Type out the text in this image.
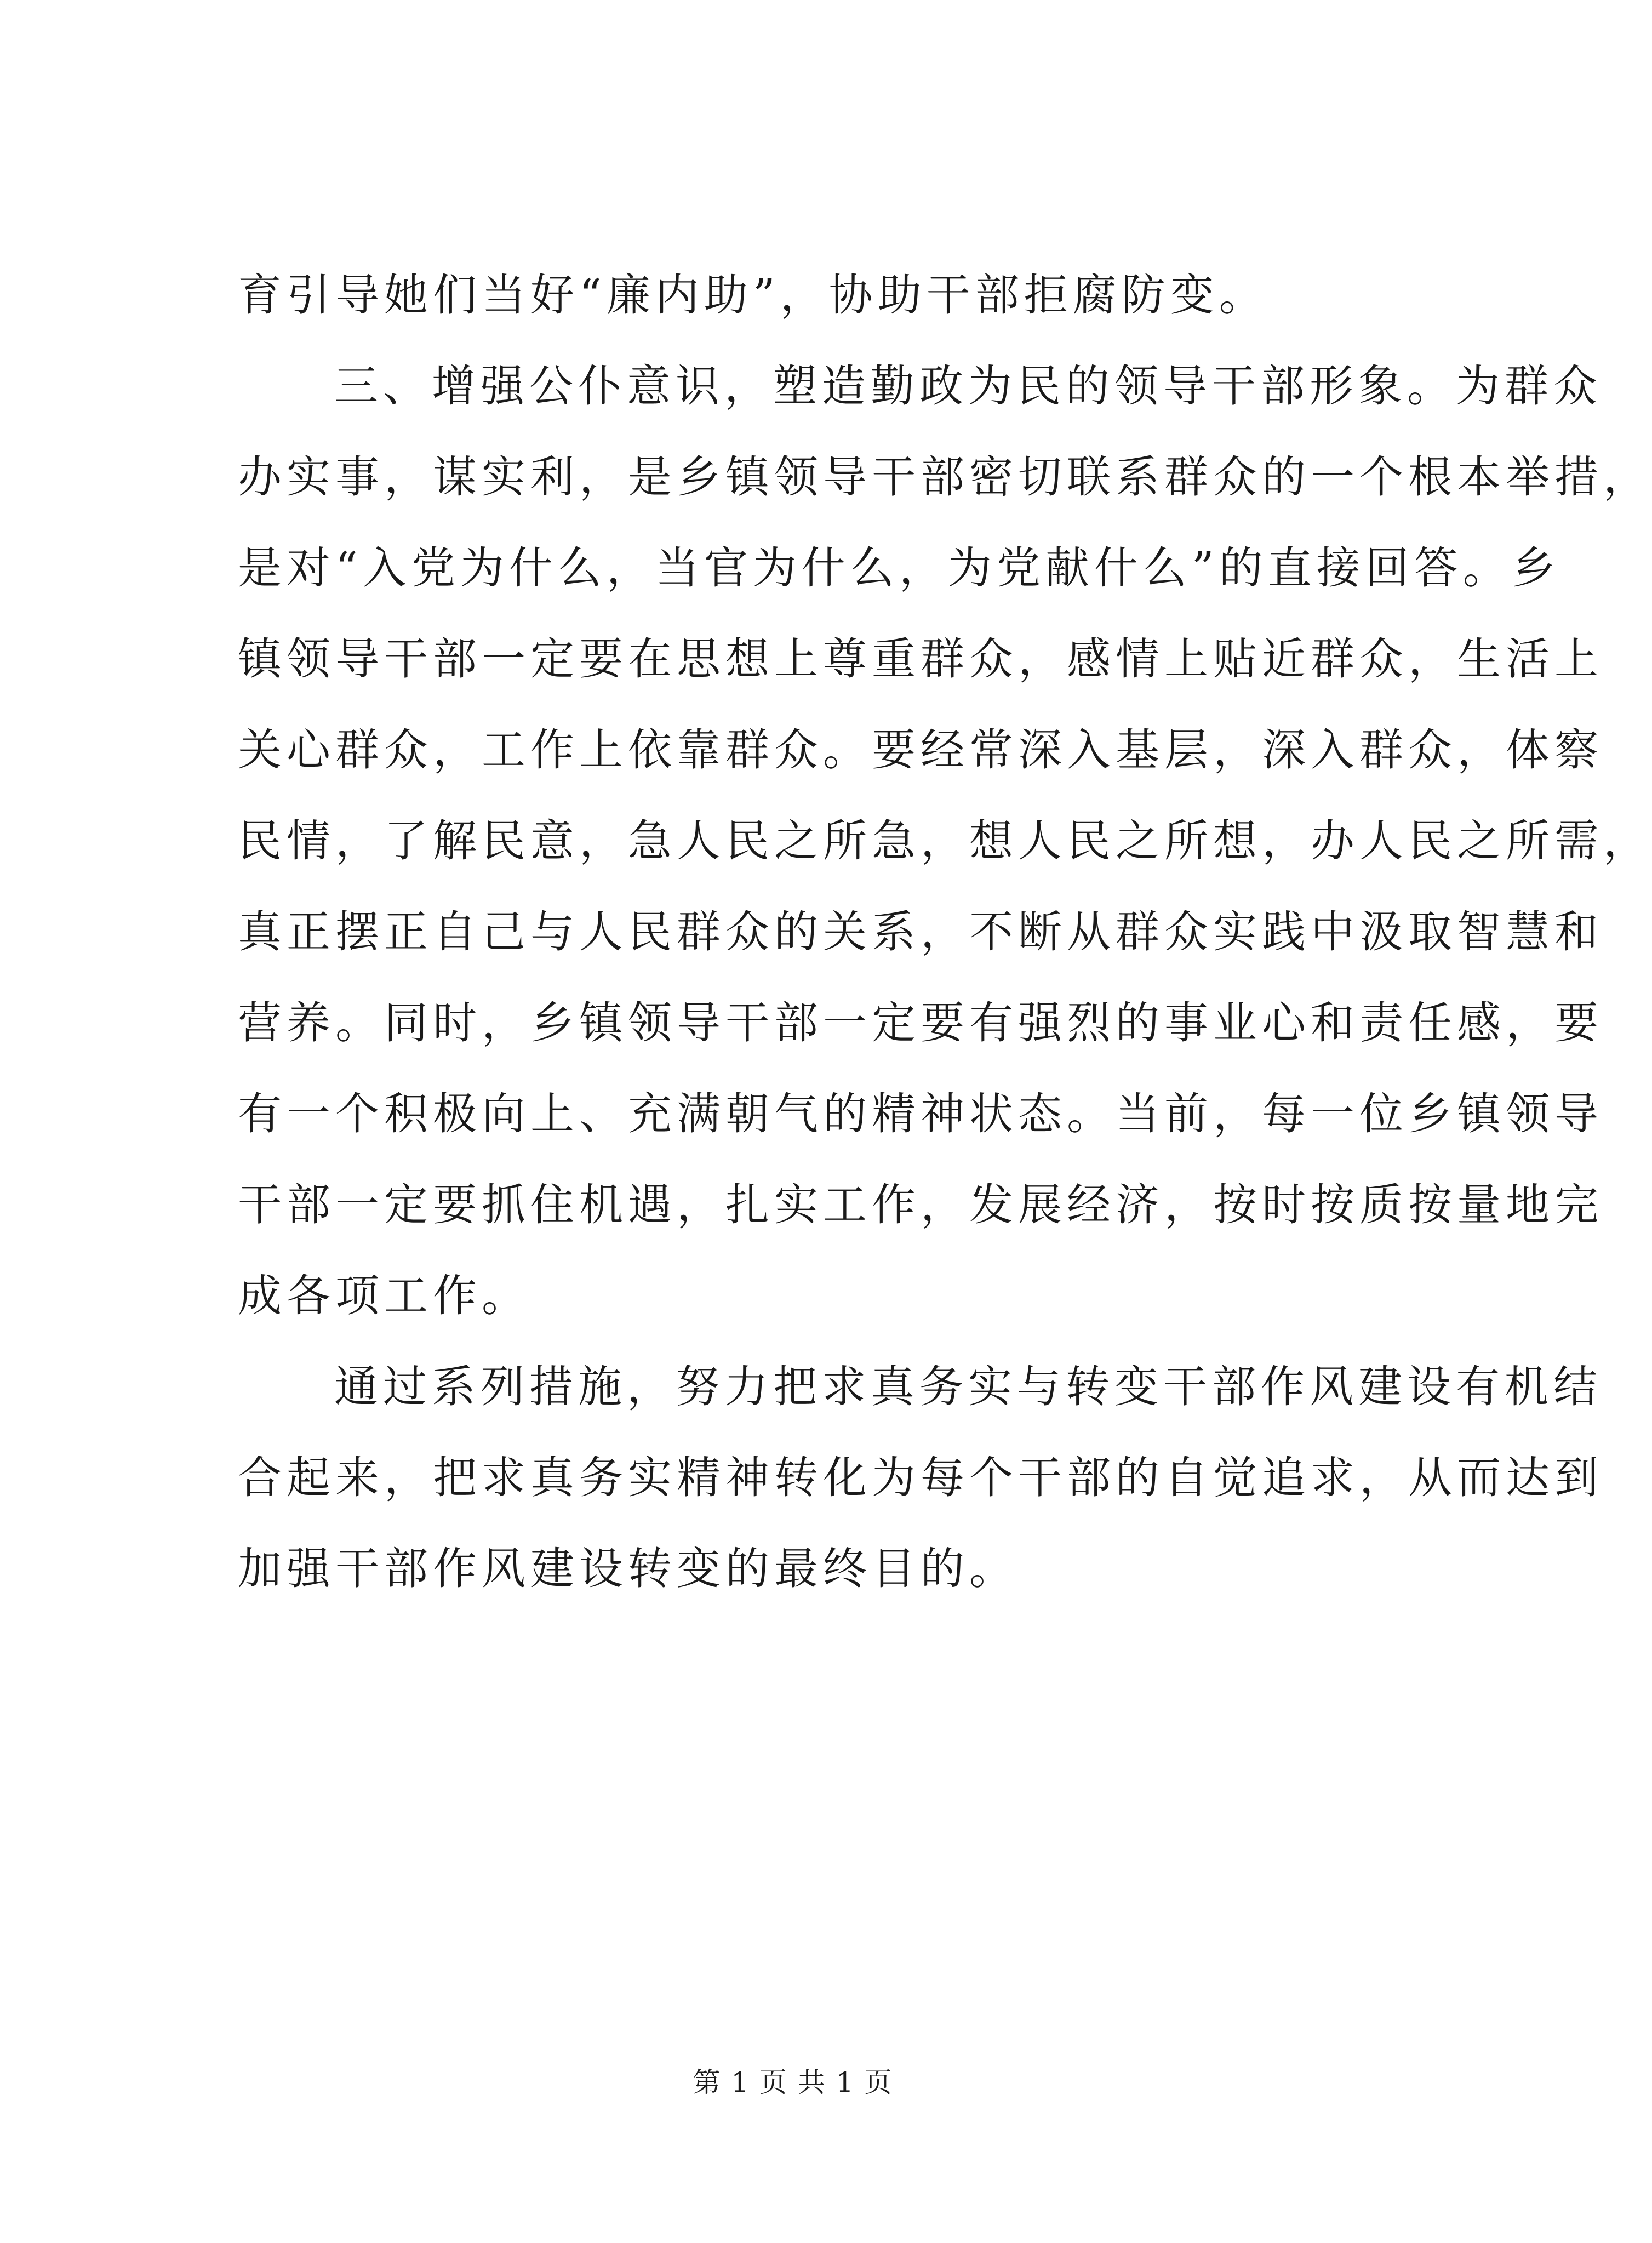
育引导她们当好“廉内助”，协助干部拒腐防变。
三、增强公仆意识，塑造勤政为民的领导干部形象。为群众
办实事，谋实利，是乡镇领导干部密切联系群众的一个根本举措，
是对“入党为什么，当官为什么，为党献什么”的直接回答。乡
镇领导干部一定要在思想上尊重群众，感情上贴近群众，生活上
关心群众，工作上依靠群众。要经常深入基层，深入群众，体察
民情，了解民意，急人民之所急，想人民之所想，办人民之所需，
真正摆正自己与人民群众的关系，不断从群众实践中汲取智慧和
营养。同时，乡镇领导干部一定要有强烈的事业心和责任感，要
有一个积极向上、充满朝气的精神状态。当前，每一位乡镇领导
干部一定要抓住机遇，扎实工作，发展经济，按时按质按量地完
成各项工作。
通过系列措施，努力把求真务实与转变干部作风建设有机结
合起来，把求真务实精神转化为每个干部的自觉追求，从而达到
加强干部作风建设转变的最终目的。
第 1 页 共 1 页
